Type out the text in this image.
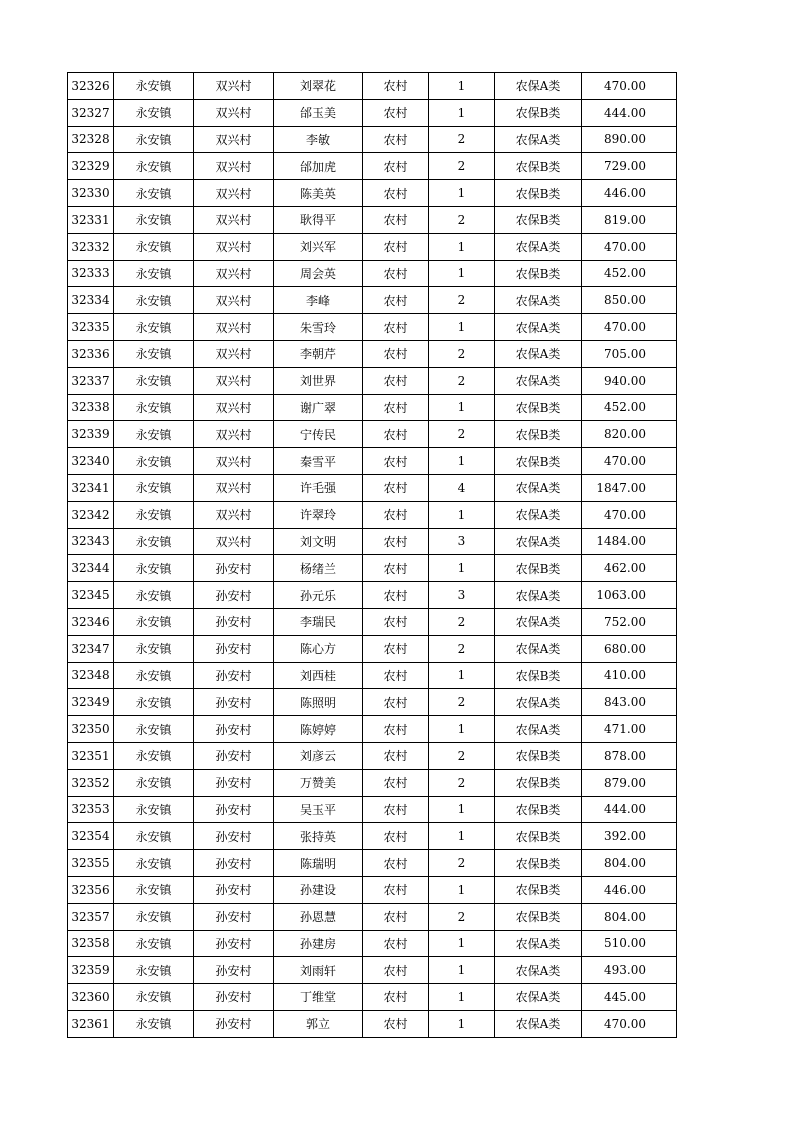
32326	永安镇	双兴村	刘翠花	农村	1	农保A类	470.00
32327	永安镇	双兴村	邰玉美	农村	1	农保B类	444.00
32328	永安镇	双兴村	李敏	农村	2	农保A类	890.00
32329	永安镇	双兴村	邰加虎	农村	2	农保B类	729.00
32330	永安镇	双兴村	陈美英	农村	1	农保B类	446.00
32331	永安镇	双兴村	耿得平	农村	2	农保B类	819.00
32332	永安镇	双兴村	刘兴军	农村	1	农保A类	470.00
32333	永安镇	双兴村	周会英	农村	1	农保B类	452.00
32334	永安镇	双兴村	李峰	农村	2	农保A类	850.00
32335	永安镇	双兴村	朱雪玲	农村	1	农保A类	470.00
32336	永安镇	双兴村	李朝芹	农村	2	农保A类	705.00
32337	永安镇	双兴村	刘世界	农村	2	农保A类	940.00
32338	永安镇	双兴村	谢广翠	农村	1	农保B类	452.00
32339	永安镇	双兴村	宁传民	农村	2	农保B类	820.00
32340	永安镇	双兴村	秦雪平	农村	1	农保B类	470.00
32341	永安镇	双兴村	许毛强	农村	4	农保A类	1847.00
32342	永安镇	双兴村	许翠玲	农村	1	农保A类	470.00
32343	永安镇	双兴村	刘文明	农村	3	农保A类	1484.00
32344	永安镇	孙安村	杨绪兰	农村	1	农保B类	462.00
32345	永安镇	孙安村	孙元乐	农村	3	农保A类	1063.00
32346	永安镇	孙安村	李瑞民	农村	2	农保A类	752.00
32347	永安镇	孙安村	陈心方	农村	2	农保A类	680.00
32348	永安镇	孙安村	刘西桂	农村	1	农保B类	410.00
32349	永安镇	孙安村	陈照明	农村	2	农保A类	843.00
32350	永安镇	孙安村	陈婷婷	农村	1	农保A类	471.00
32351	永安镇	孙安村	刘彦云	农村	2	农保B类	878.00
32352	永安镇	孙安村	万赞美	农村	2	农保B类	879.00
32353	永安镇	孙安村	吴玉平	农村	1	农保B类	444.00
32354	永安镇	孙安村	张持英	农村	1	农保B类	392.00
32355	永安镇	孙安村	陈瑞明	农村	2	农保B类	804.00
32356	永安镇	孙安村	孙建设	农村	1	农保B类	446.00
32357	永安镇	孙安村	孙恩慧	农村	2	农保B类	804.00
32358	永安镇	孙安村	孙建房	农村	1	农保A类	510.00
32359	永安镇	孙安村	刘雨轩	农村	1	农保A类	493.00
32360	永安镇	孙安村	丁维堂	农村	1	农保A类	445.00
32361	永安镇	孙安村	郭立	农村	1	农保A类	470.00
